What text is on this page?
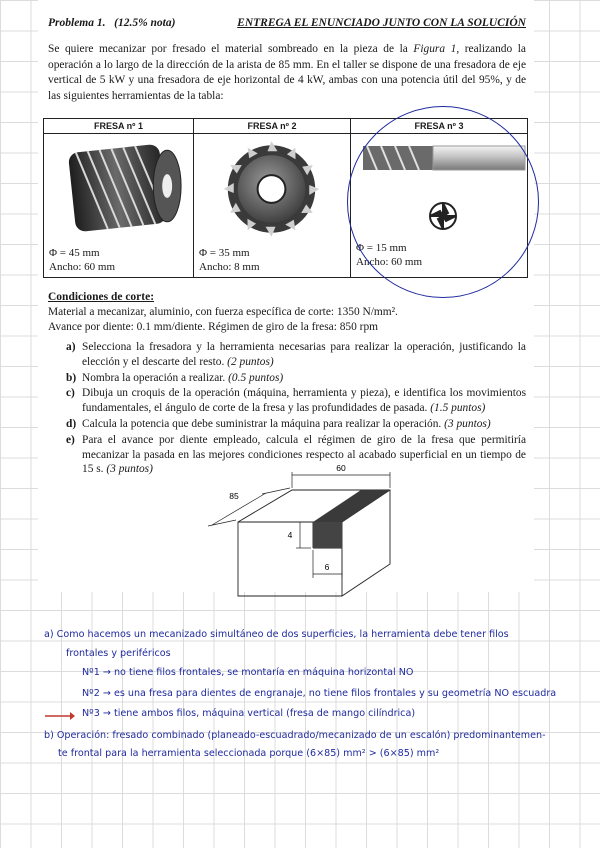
Problema 1. (12.5% nota)	ENTREGA EL ENUNCIADO JUNTO CON LA SOLUCIÓN
Se quiere mecanizar por fresado el material sombreado en la pieza de la Figura 1, realizando la operación a lo largo de la dirección de la arista de 85 mm. En el taller se dispone de una fresadora de eje vertical de 5 kW y una fresadora de eje horizontal de 4 kW, ambas con una potencia útil del 95%, y de las siguientes herramientas de la tabla:
FRESA nº 1
Φ = 45 mm
Ancho: 60 mm
FRESA nº 2
Φ = 35 mm
Ancho: 8 mm
FRESA nº 3
Φ = 15 mm
Ancho: 60 mm
Condiciones de corte:
Material a mecanizar, aluminio, con fuerza específica de corte: 1350 N/mm².
Avance por diente: 0.1 mm/diente. Régimen de giro de la fresa: 850 rpm
a) Selecciona la fresadora y la herramienta necesarias para realizar la operación, justificando la elección y el descarte del resto. (2 puntos)
b) Nombra la operación a realizar. (0.5 puntos)
c) Dibuja un croquis de la operación (máquina, herramienta y pieza), e identifica los movimientos fundamentales, el ángulo de corte de la fresa y las profundidades de pasada. (1.5 puntos)
d) Calcula la potencia que debe suministrar la máquina para realizar la operación. (3 puntos)
e) Para el avance por diente empleado, calcula el régimen de giro de la fresa que permitiría mecanizar la pasada en las mejores condiciones respecto al acabado superficial en un tiempo de 15 s. (3 puntos)	60
85
4
6
a) Como hacemos un mecanizado simultáneo de dos superficies, la herramienta debe tener filos
frontales y periféricos
Nº1 → no tiene filos frontales, se montaría en máquina horizontal NO
Nº2 → es una fresa para dientes de engranaje, no tiene filos frontales y su geometría NO escuadra
Nº3 → tiene ambos filos, máquina vertical (fresa de mango cilíndrica)
b) Operación: fresado combinado (planeado-escuadrado/mecanizado de un escalón) predominantemen-
te frontal para la herramienta seleccionada porque (6×85) mm² > (6×85) mm²
